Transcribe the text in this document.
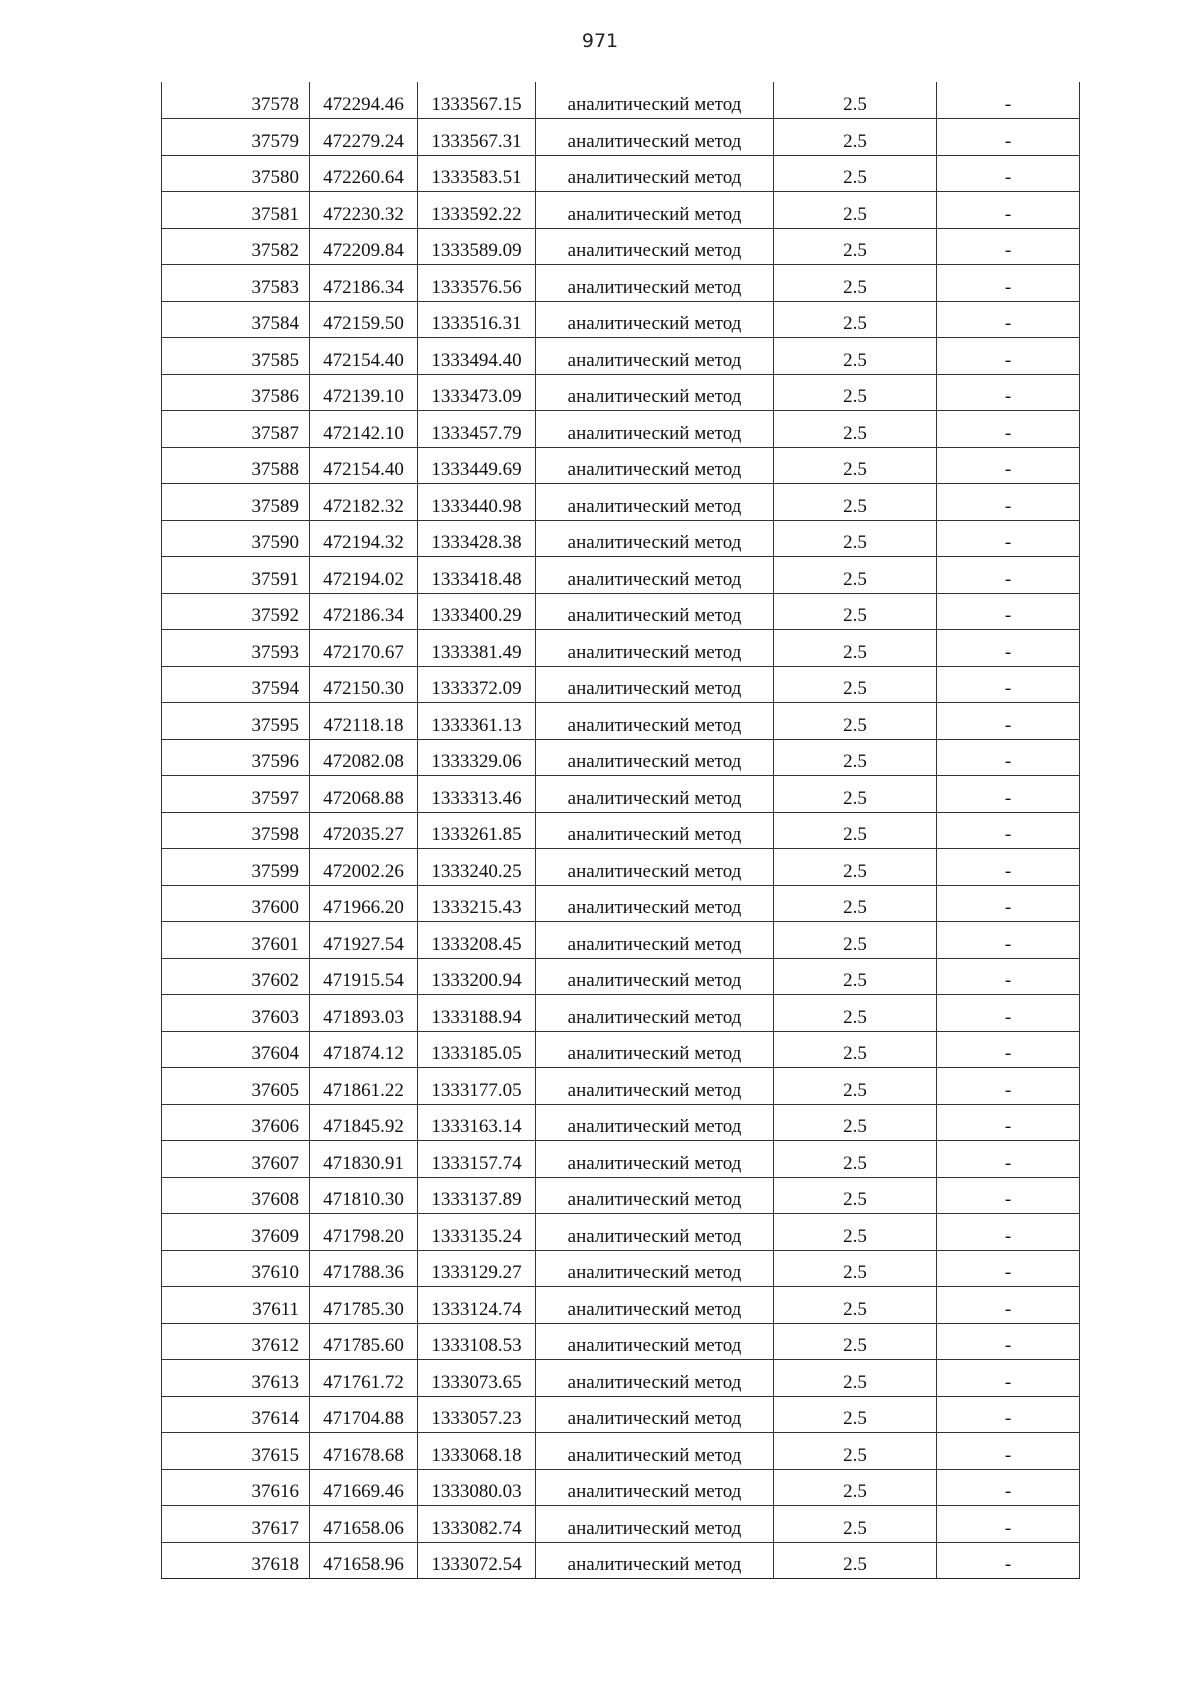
971
37578	472294.46	1333567.15	аналитический метод	2.5	-
37579	472279.24	1333567.31	аналитический метод	2.5	-
37580	472260.64	1333583.51	аналитический метод	2.5	-
37581	472230.32	1333592.22	аналитический метод	2.5	-
37582	472209.84	1333589.09	аналитический метод	2.5	-
37583	472186.34	1333576.56	аналитический метод	2.5	-
37584	472159.50	1333516.31	аналитический метод	2.5	-
37585	472154.40	1333494.40	аналитический метод	2.5	-
37586	472139.10	1333473.09	аналитический метод	2.5	-
37587	472142.10	1333457.79	аналитический метод	2.5	-
37588	472154.40	1333449.69	аналитический метод	2.5	-
37589	472182.32	1333440.98	аналитический метод	2.5	-
37590	472194.32	1333428.38	аналитический метод	2.5	-
37591	472194.02	1333418.48	аналитический метод	2.5	-
37592	472186.34	1333400.29	аналитический метод	2.5	-
37593	472170.67	1333381.49	аналитический метод	2.5	-
37594	472150.30	1333372.09	аналитический метод	2.5	-
37595	472118.18	1333361.13	аналитический метод	2.5	-
37596	472082.08	1333329.06	аналитический метод	2.5	-
37597	472068.88	1333313.46	аналитический метод	2.5	-
37598	472035.27	1333261.85	аналитический метод	2.5	-
37599	472002.26	1333240.25	аналитический метод	2.5	-
37600	471966.20	1333215.43	аналитический метод	2.5	-
37601	471927.54	1333208.45	аналитический метод	2.5	-
37602	471915.54	1333200.94	аналитический метод	2.5	-
37603	471893.03	1333188.94	аналитический метод	2.5	-
37604	471874.12	1333185.05	аналитический метод	2.5	-
37605	471861.22	1333177.05	аналитический метод	2.5	-
37606	471845.92	1333163.14	аналитический метод	2.5	-
37607	471830.91	1333157.74	аналитический метод	2.5	-
37608	471810.30	1333137.89	аналитический метод	2.5	-
37609	471798.20	1333135.24	аналитический метод	2.5	-
37610	471788.36	1333129.27	аналитический метод	2.5	-
37611	471785.30	1333124.74	аналитический метод	2.5	-
37612	471785.60	1333108.53	аналитический метод	2.5	-
37613	471761.72	1333073.65	аналитический метод	2.5	-
37614	471704.88	1333057.23	аналитический метод	2.5	-
37615	471678.68	1333068.18	аналитический метод	2.5	-
37616	471669.46	1333080.03	аналитический метод	2.5	-
37617	471658.06	1333082.74	аналитический метод	2.5	-
37618	471658.96	1333072.54	аналитический метод	2.5	-
